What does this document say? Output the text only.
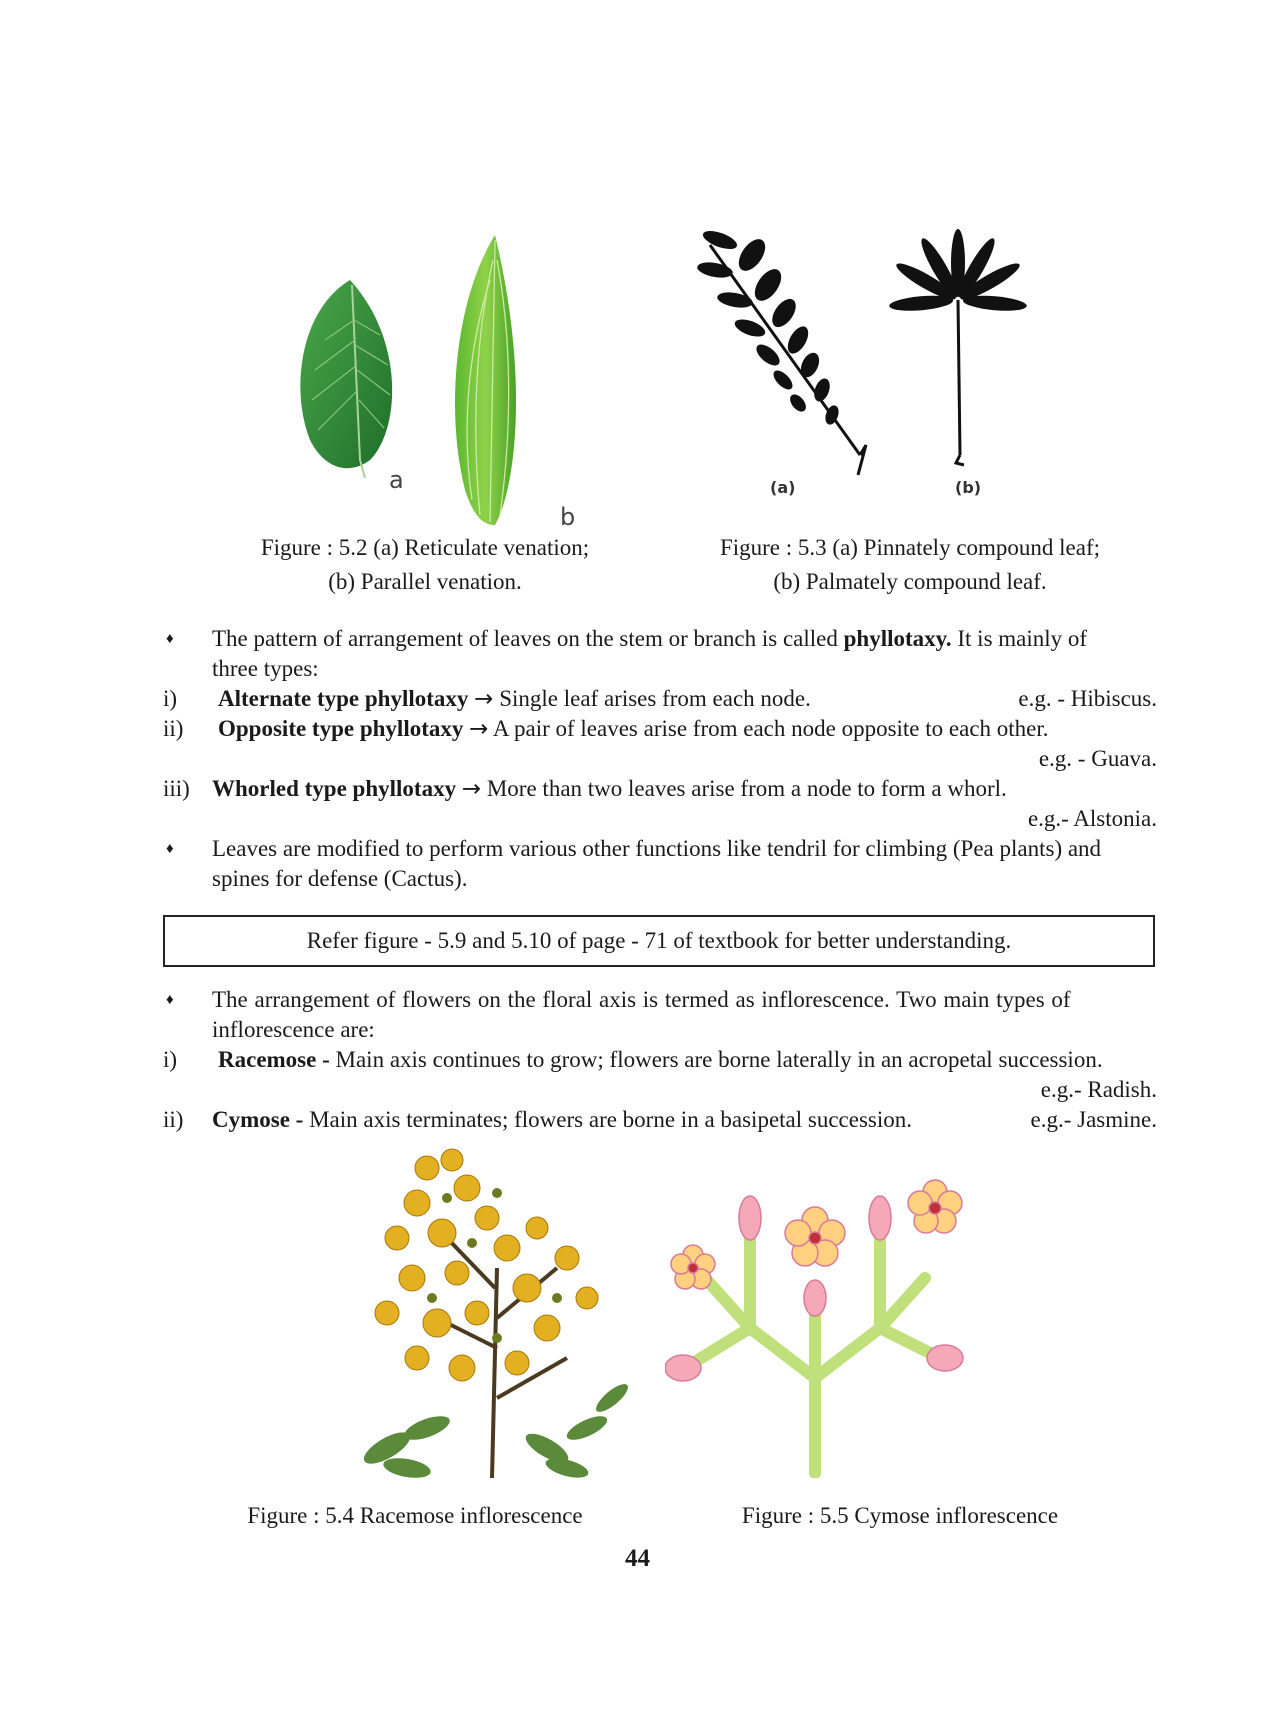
a
b
(a)	(b)
Figure : 5.2 (a) Reticulate venation;
(b) Parallel venation.
Figure : 5.3 (a) Pinnately compound leaf;
(b) Palmately compound leaf.
♦ The pattern of arrangement of leaves on the stem or branch is called phyllotaxy. It is mainly of
three types:
i) Alternate type phyllotaxy → Single leaf arises from each node.	e.g. - Hibiscus.
ii) Opposite type phyllotaxy → A pair of leaves arise from each node opposite to each other.
e.g. - Guava.
iii) Whorled type phyllotaxy → More than two leaves arise from a node to form a whorl.
e.g.- Alstonia.
♦ Leaves are modified to perform various other functions like tendril for climbing (Pea plants) and
spines for defense (Cactus).
Refer figure - 5.9 and 5.10 of page - 71 of textbook for better understanding.
♦ The arrangement of flowers on the floral axis is termed as inflorescence. Two main types of
inflorescence are:
i) Racemose - Main axis continues to grow; flowers are borne laterally in an acropetal succession.
e.g.- Radish.
ii) Cymose - Main axis terminates; flowers are borne in a basipetal succession.	e.g.- Jasmine.
Figure : 5.4 Racemose inflorescence	Figure : 5.5 Cymose inflorescence
44
